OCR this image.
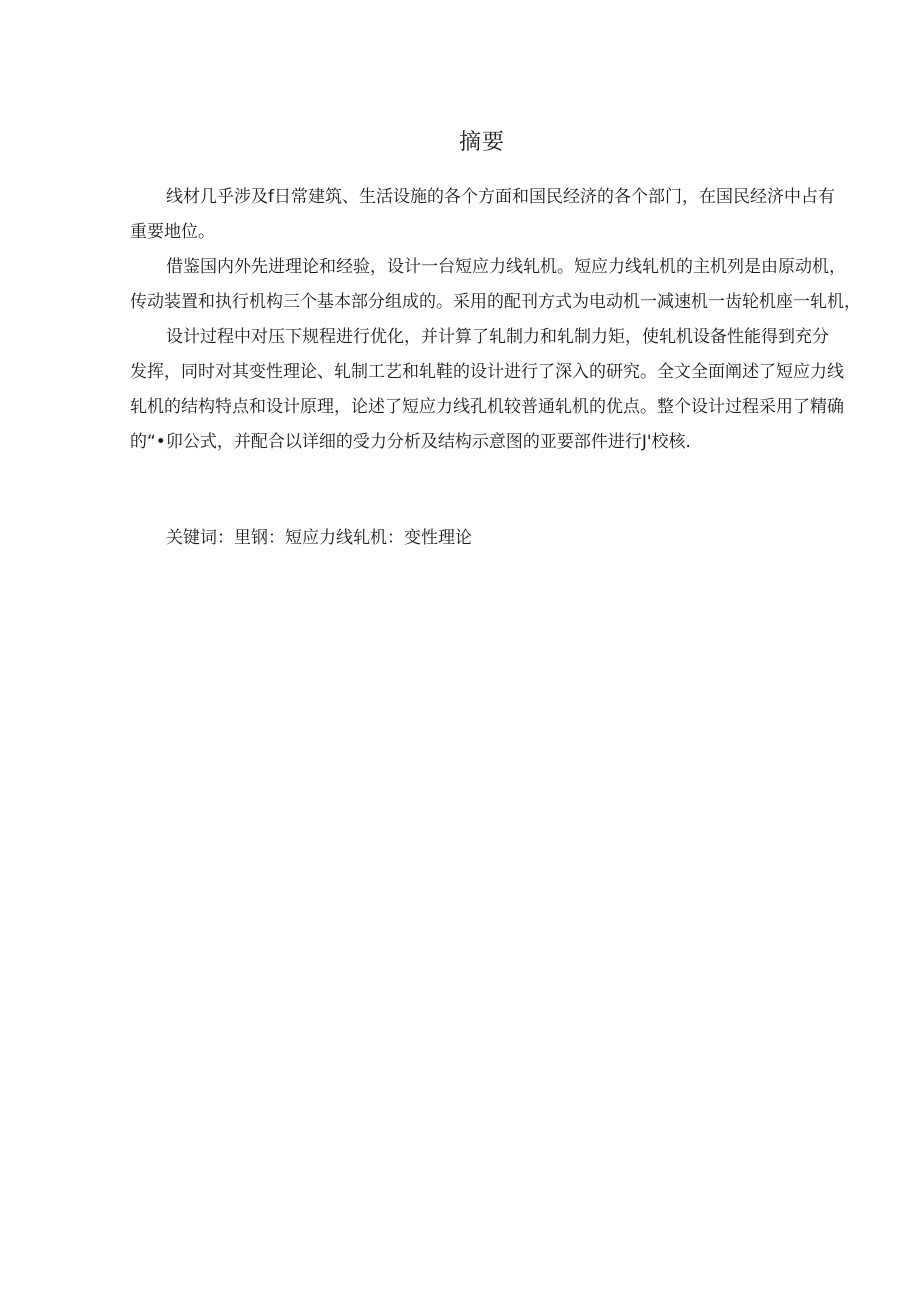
摘要

线材几乎涉及f日常建筑、生活设施的各个方面和国民经济的各个部门，在国民经济中占有
重要地位。

借鉴国内外先进理论和经验，设计一台短应力线轧机。短应力线轧机的主机列是由原动机，
传动装置和执行机构三个基本部分组成的。采用的配刊方式为电动机一减速机一齿轮机座一轧机，

设计过程中对压下规程进行优化，并计算了轧制力和轧制力矩，使轧机设备性能得到充分
发挥，同时对其变性理论、轧制工艺和轧鞋的设计进行了深入的研究。全文全面阐述了短应力线
轧机的结构特点和设计原理，论述了短应力线孔机较普通轧机的优点。整个设计过程采用了精确
的“•卯公式，并配合以详细的受力分析及结构示意图的亚要部件进行J'校核.

关键词：里钢：短应力线轧机：变性理论
